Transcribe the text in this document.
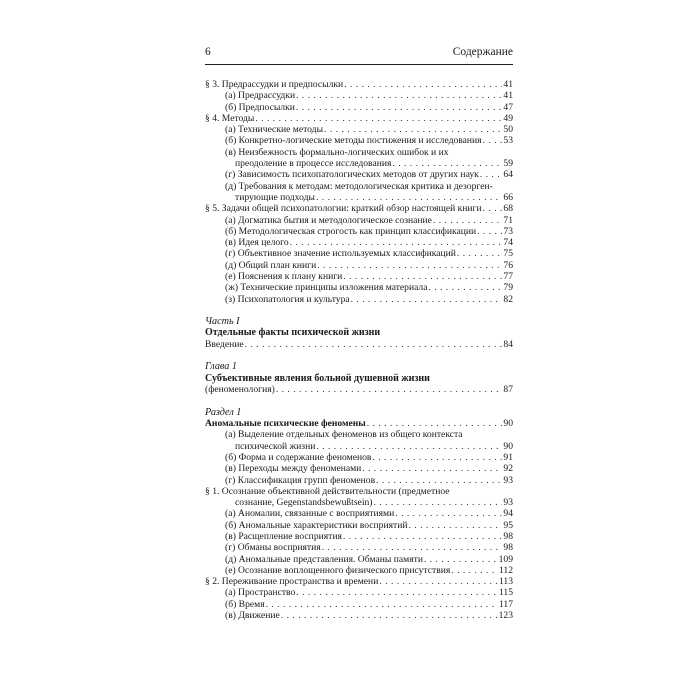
6	Содержание
§ 3. Предрассудки и предпосылки . . .	41
(а) Предрассудки . . .	41
(б) Предпосылки . . .	47
§ 4. Методы . . .	49
(а) Технические методы . . .	50
(б) Конкретно-логические методы постижения и исследования . . . 53
(в) Неизбежность формально-логических ошибок и их
преодоление в процессе исследования . . .	59
(г) Зависимость психопатологических методов от других наук . . .	64
(д) Требования к методам: методологическая критика и дезорген-
тирующие подходы . . .	66
§ 5. Задачи общей психопатологии: краткий обзор настоящей книги . . . 68
(а) Догматика бытия и методологическое сознание . . .	71
(б) Методологическая строгость как принцип классификации . . .	73
(в) Идея целого . . .	74
(г) Объективное значение используемых классификаций . . .	75
(д) Общий план книги . . .	76
(е) Пояснения к плану книги . . .	77
(ж) Технические принципы изложения материала . . .	79
(з) Психопатология и культура . . .	82
Часть I
Отдельные факты психической жизни
Введение . . .	84
Глава 1
Субъективные явления больной душевной жизни
(феноменология) . . .	87
Раздел 1
Аномальные психические феномены . . .	90
(а) Выделение отдельных феноменов из общего контекста
психической жизни . . .	90
(б) Форма и содержание феноменов . . .	91
(в) Переходы между феноменами . . .	92
(г) Классификация групп феноменов . . .	93
§ 1. Осознание объективной действительности (предметное
сознание, Gegenstandsbewußtsein) . . .	93
(а) Аномалии, связанные с восприятиями . . .	94
(б) Аномальные характеристики восприятий . . .	95
(в) Расщепление восприятия . . .	98
(г) Обманы восприятия . . .	98
(д) Аномальные представления. Обманы памяти . . .	109
(е) Осознание воплощенного физического присутствия . . .	112
§ 2. Переживание пространства и времени . . .	113
(а) Пространство . . .	115
(б) Время . . .	117
(в) Движение . . .	123
